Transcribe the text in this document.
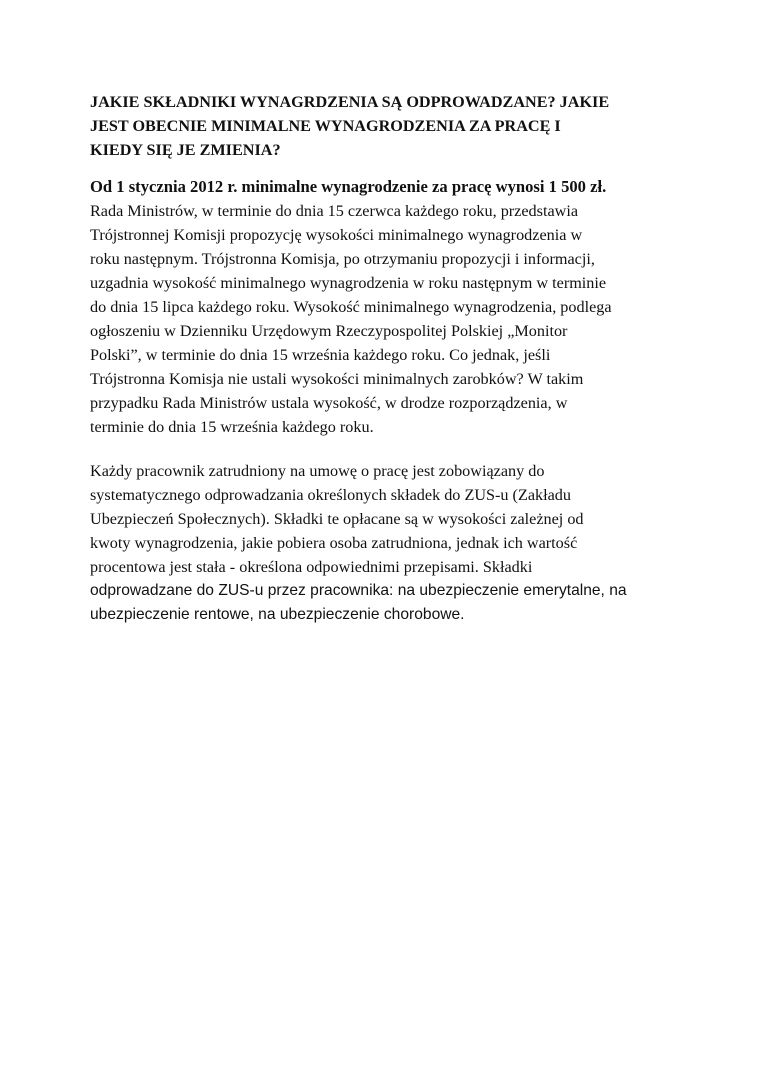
JAKIE SKŁADNIKI WYNAGRDZENIA SĄ ODPROWADZANE? JAKIE
JEST OBECNIE MINIMALNE WYNAGRODZENIA ZA PRACĘ I
KIEDY SIĘ JE ZMIENIA?

Od 1 stycznia 2012 r. minimalne wynagrodzenie za pracę wynosi 1 500 zł.
Rada Ministrów, w terminie do dnia 15 czerwca każdego roku, przedstawia
Trójstronnej Komisji propozycję wysokości minimalnego wynagrodzenia w
roku następnym. Trójstronna Komisja, po otrzymaniu propozycji i informacji,
uzgadnia wysokość minimalnego wynagrodzenia w roku następnym w terminie
do dnia 15 lipca każdego roku. Wysokość minimalnego wynagrodzenia, podlega
ogłoszeniu w Dzienniku Urzędowym Rzeczypospolitej Polskiej „Monitor
Polski”, w terminie do dnia 15 września każdego roku. Co jednak, jeśli
Trójstronna Komisja nie ustali wysokości minimalnych zarobków? W takim
przypadku Rada Ministrów ustala wysokość, w drodze rozporządzenia, w
terminie do dnia 15 września każdego roku.

Każdy pracownik zatrudniony na umowę o pracę jest zobowiązany do
systematycznego odprowadzania określonych składek do ZUS-u (Zakładu
Ubezpieczeń Społecznych). Składki te opłacane są w wysokości zależnej od
kwoty wynagrodzenia, jakie pobiera osoba zatrudniona, jednak ich wartość
procentowa jest stała - określona odpowiednimi przepisami. Składki
odprowadzane do ZUS-u przez pracownika: na ubezpieczenie emerytalne, na
ubezpieczenie rentowe, na ubezpieczenie chorobowe.
